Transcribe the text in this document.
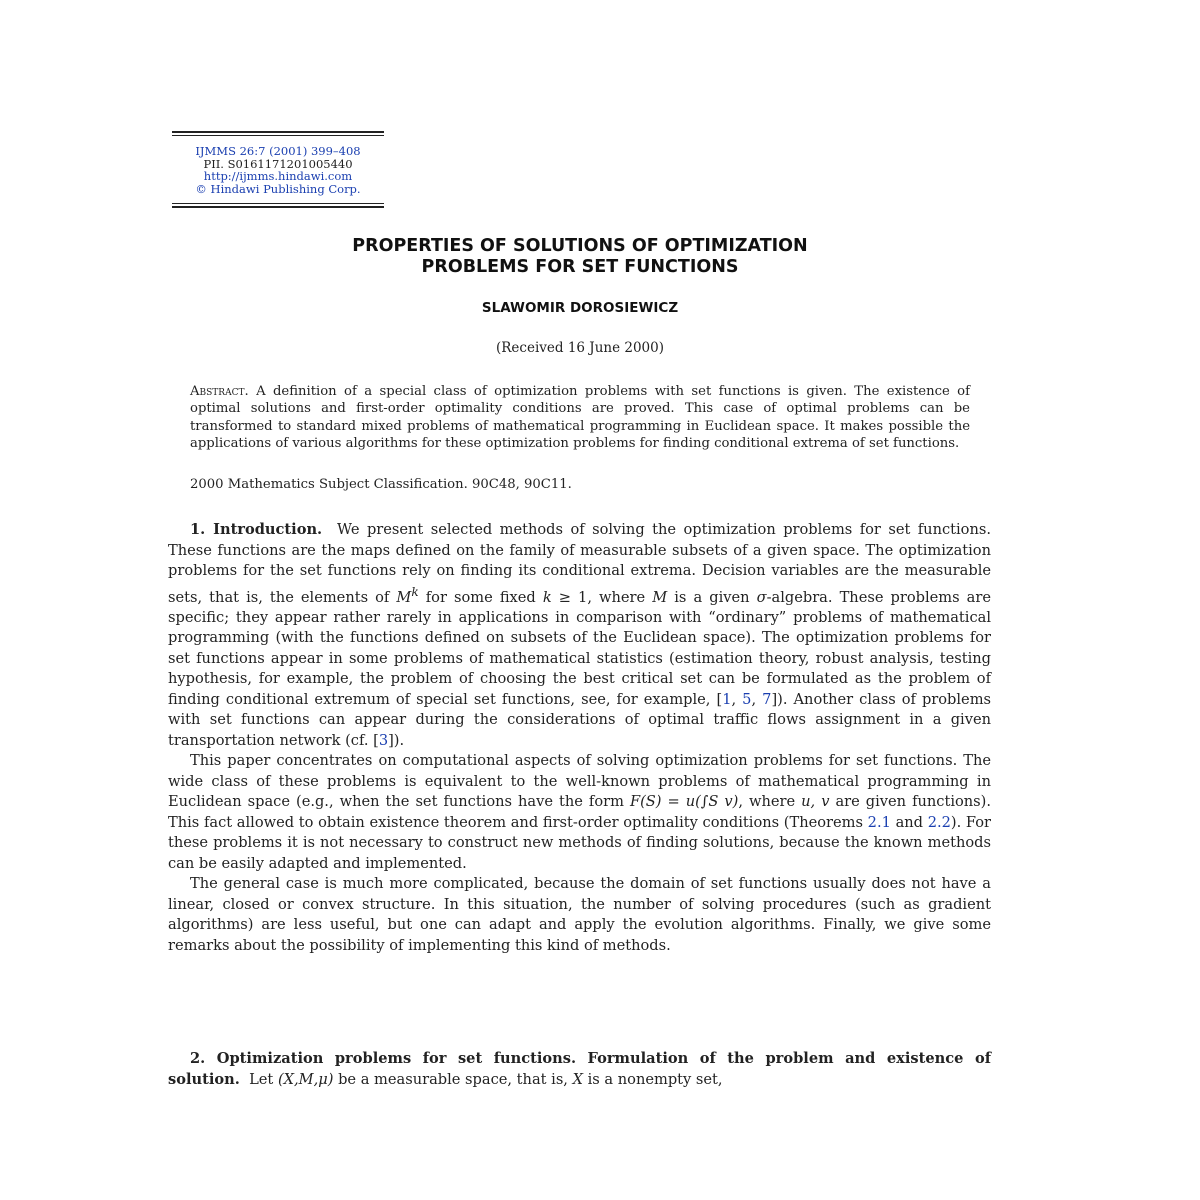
IJMMS 26:7 (2001) 399–408
PII. S0161171201005440
http://ijmms.hindawi.com
© Hindawi Publishing Corp.
PROPERTIES OF SOLUTIONS OF OPTIMIZATION
PROBLEMS FOR SET FUNCTIONS
SLAWOMIR DOROSIEWICZ
(Received 16 June 2000)
Abstract. A definition of a special class of optimization problems with set functions is given. The existence of optimal solutions and first-order optimality conditions are proved. This case of optimal problems can be transformed to standard mixed problems of mathematical programming in Euclidean space. It makes possible the applications of various algorithms for these optimization problems for finding conditional extrema of set functions.
2000 Mathematics Subject Classification. 90C48, 90C11.

1. Introduction. We present selected methods of solving the optimization problems for set functions. These functions are the maps defined on the family of measurable subsets of a given space. The optimization problems for the set functions rely on finding its conditional extrema. Decision variables are the measurable sets, that is, the elements of $M^k$ for some fixed k ≥ 1, where M is a given σ-algebra. These problems are specific; they appear rather rarely in applications in comparison with “ordinary” problems of mathematical programming (with the functions defined on subsets of the Euclidean space). The optimization problems for set functions appear in some problems of mathematical statistics (estimation theory, robust analysis, testing hypothesis, for example, the problem of choosing the best critical set can be formulated as the problem of finding conditional extremum of special set functions, see, for example, [1, 5, 7]). Another class of problems with set functions can appear during the considerations of optimal traffic flows assignment in a given transportation network (cf. [3]).

This paper concentrates on computational aspects of solving optimization problems for set functions. The wide class of these problems is equivalent to the well-known problems of mathematical programming in Euclidean space (e.g., when the set functions have the form F(S) = u(∫S v), where u, v are given functions). This fact allowed to obtain existence theorem and first-order optimality conditions (Theorems 2.1 and 2.2). For these problems it is not necessary to construct new methods of finding solutions, because the known methods can be easily adapted and implemented.

The general case is much more complicated, because the domain of set functions usually does not have a linear, closed or convex structure. In this situation, the number of solving procedures (such as gradient algorithms) are less useful, but one can adapt and apply the evolution algorithms. Finally, we give some remarks about the possibility of implementing this kind of methods.

2. Optimization problems for set functions. Formulation of the problem and existence of solution. Let (X,M,μ) be a measurable space, that is, X is a nonempty set,
